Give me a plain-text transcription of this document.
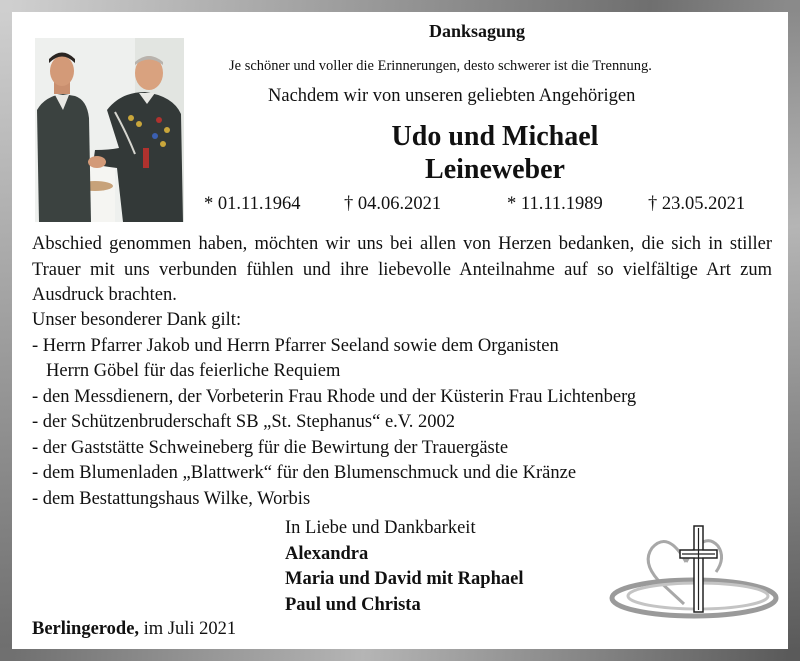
Danksagung
Je schöner und voller die Erinnerungen, desto schwerer ist die Trennung.
Nachdem wir von unseren geliebten Angehörigen
Udo und Michael
Leineweber
* 01.11.1964 † 04.06.2021	* 11.11.1989 † 23.05.2021
Abschied genommen haben, möchten wir uns bei allen von Herzen bedanken, die sich in stiller Trauer mit uns verbunden fühlen und ihre liebevolle Anteilnahme auf so vielfältige Art zum Ausdruck brachten.
Unser besonderer Dank gilt:
- Herrn Pfarrer Jakob und Herrn Pfarrer Seeland sowie dem Organisten
Herrn Göbel für das feierliche Requiem
- den Messdienern, der Vorbeterin Frau Rhode und der Küsterin Frau Lichtenberg
- der Schützenbruderschaft SB „St. Stephanus“ e.V. 2002
- der Gaststätte Schweineberg für die Bewirtung der Trauergäste
- dem Blumenladen „Blattwerk“ für den Blumenschmuck und die Kränze
- dem Bestattungshaus Wilke, Worbis
In Liebe und Dankbarkeit
Alexandra
Maria und David mit Raphael
Paul und Christa
Berlingerode, im Juli 2021
